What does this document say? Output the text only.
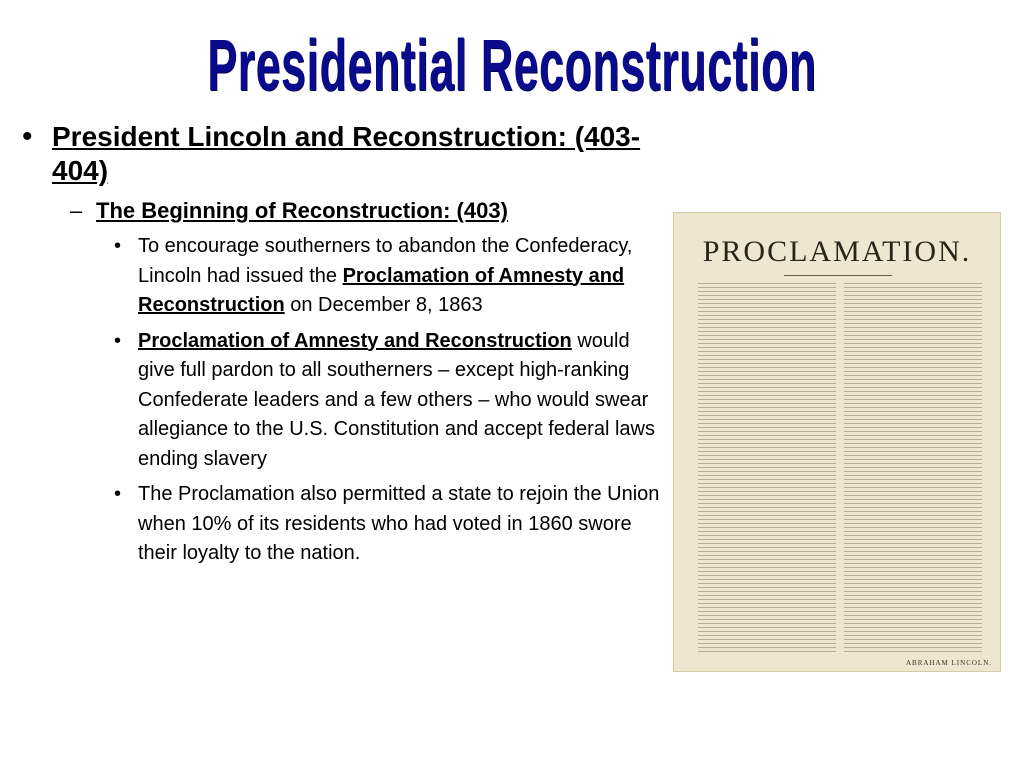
Presidential Reconstruction
• President Lincoln and Reconstruction: (403-404)
– The Beginning of Reconstruction: (403)
• To encourage southerners to abandon the Confederacy, Lincoln had issued the Proclamation of Amnesty and Reconstruction on December 8, 1863
• Proclamation of Amnesty and Reconstruction would give full pardon to all southerners – except high-ranking Confederate leaders and a few others – who would swear allegiance to the U.S. Constitution and accept federal laws ending slavery
• The Proclamation also permitted a state to rejoin the Union when 10% of its residents who had voted in 1860 swore their loyalty to the nation.
PROCLAMATION.
ABRAHAM LINCOLN.
